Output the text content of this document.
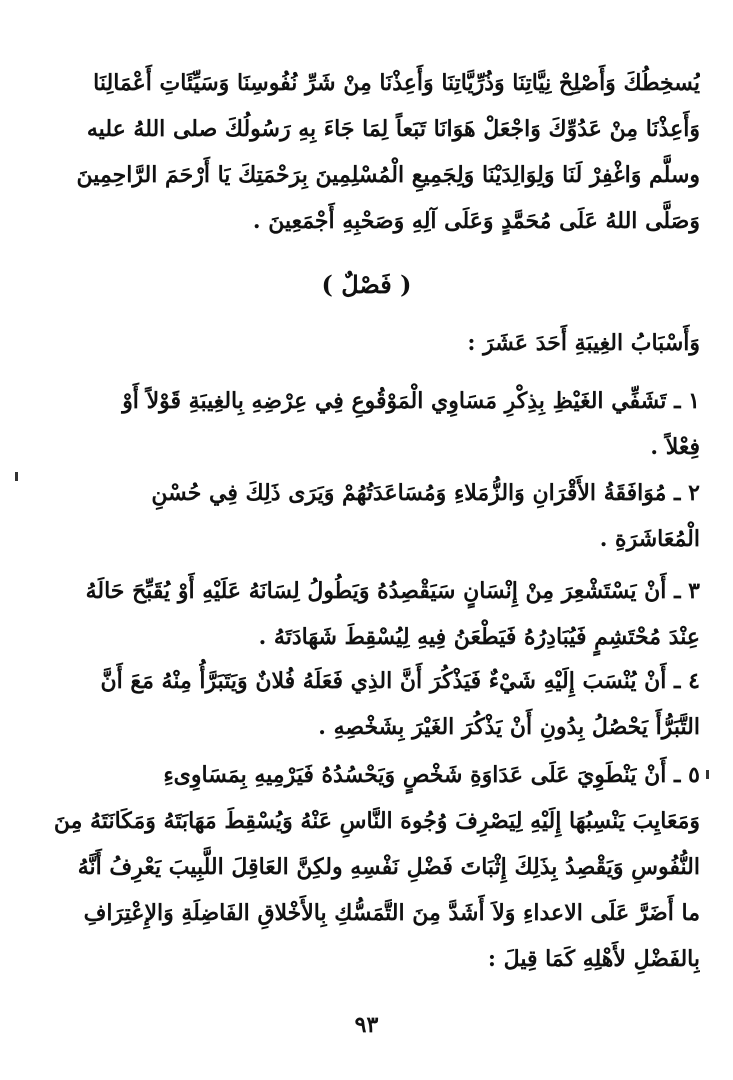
يُسخِطُكَ وَأَصْلِحْ نِيَّاتِنَا وَذُرِّيَّاتِنَا وَأَعِذْنَا مِنْ شَرِّ نُفُوسِنَا وَسَيِّئَاتِ أَعْمَالِنَا
وَأَعِذْنَا مِنْ عَدُوِّكَ وَاجْعَلْ هَوَانَا تَبَعاً لِمَا جَاءَ بِهِ رَسُولُكَ صلى اللهُ عليه
وسلَّم وَاغْفِرْ لَنَا وَلِوَالِدَيْنَا وَلِجَمِيعِ الْمُسْلِمِينَ بِرَحْمَتِكَ يَا أَرْحَمَ الرَّاحِمِينَ
وَصَلَّى اللهُ عَلَى مُحَمَّدٍ وَعَلَى آلِهِ وَصَحْبِهِ أَجْمَعِينَ .
( فَصْلٌ )

وَأَسْبَابُ الغِيبَةِ أَحَدَ عَشَرَ :

١ ـ تَشَفِّي الغَيْظِ بِذِكْرِ مَسَاوِي الْمَوْقُوعِ فِي عِرْضِهِ بِالغِيبَةِ قَوْلاً أَوْ
فِعْلاً .
٢ ـ مُوَافَقَةُ الأَقْرَانِ وَالزُّمَلاءِ وَمُسَاعَدَتُهُمْ وَيَرَى ذَلِكَ فِي حُسْنِ
الْمُعَاشَرَةِ .
٣ ـ أَنْ يَسْتَشْعِرَ مِنْ إِنْسَانٍ سَيَقْصِدُهُ وَيَطُولُ لِسَانَهُ عَلَيْهِ أَوْ يُقَبِّحَ حَالَهُ
عِنْدَ مُحْتَشِمٍ فَيُبَادِرُهُ فَيَطْعَنُ فِيهِ لِيُسْقِطَ شَهَادَتَهُ .
٤ ـ أَنْ يُنْسَبَ إِلَيْهِ شَيْءٌ فَيَذْكُرَ أَنَّ الذِي فَعَلَهُ فُلانٌ وَيَتَبَرَّأُ مِنْهُ مَعَ أَنَّ
التَّبَرُّأَ يَحْصُلُ بِدُونِ أَنْ يَذْكُرَ الغَيْرَ بِشَخْصِهِ .
٥ ـ أَنْ يَنْطَوِيَ عَلَى عَدَاوَةِ شَخْصٍ وَيَحْسُدُهُ فَيَرْمِيهِ بِمَسَاوِىءِ
وَمَعَايِبَ يَنْسِبُهَا إِلَيْهِ لِيَصْرِفَ وُجُوهَ النَّاسِ عَنْهُ وَيُسْقِطَ مَهَابَتَهُ وَمَكَانَتَهُ مِنَ
النُّفُوسِ وَيَقْصِدُ بِذَلِكَ إِثْبَاتَ فَضْلِ نَفْسِهِ ولكِنَّ العَاقِلَ اللَّبِيبَ يَعْرِفُ أَنَّهُ
ما أَضَرَّ عَلَى الاعداءِ وَلاَ أَشَدَّ مِنَ التَّمَسُّكِ بِالأَخْلاقِ الفَاضِلَةِ وَالإِعْتِرَافِ
بِالفَضْلِ لأَهْلِهِ كَمَا قِيلَ :

٩٣
